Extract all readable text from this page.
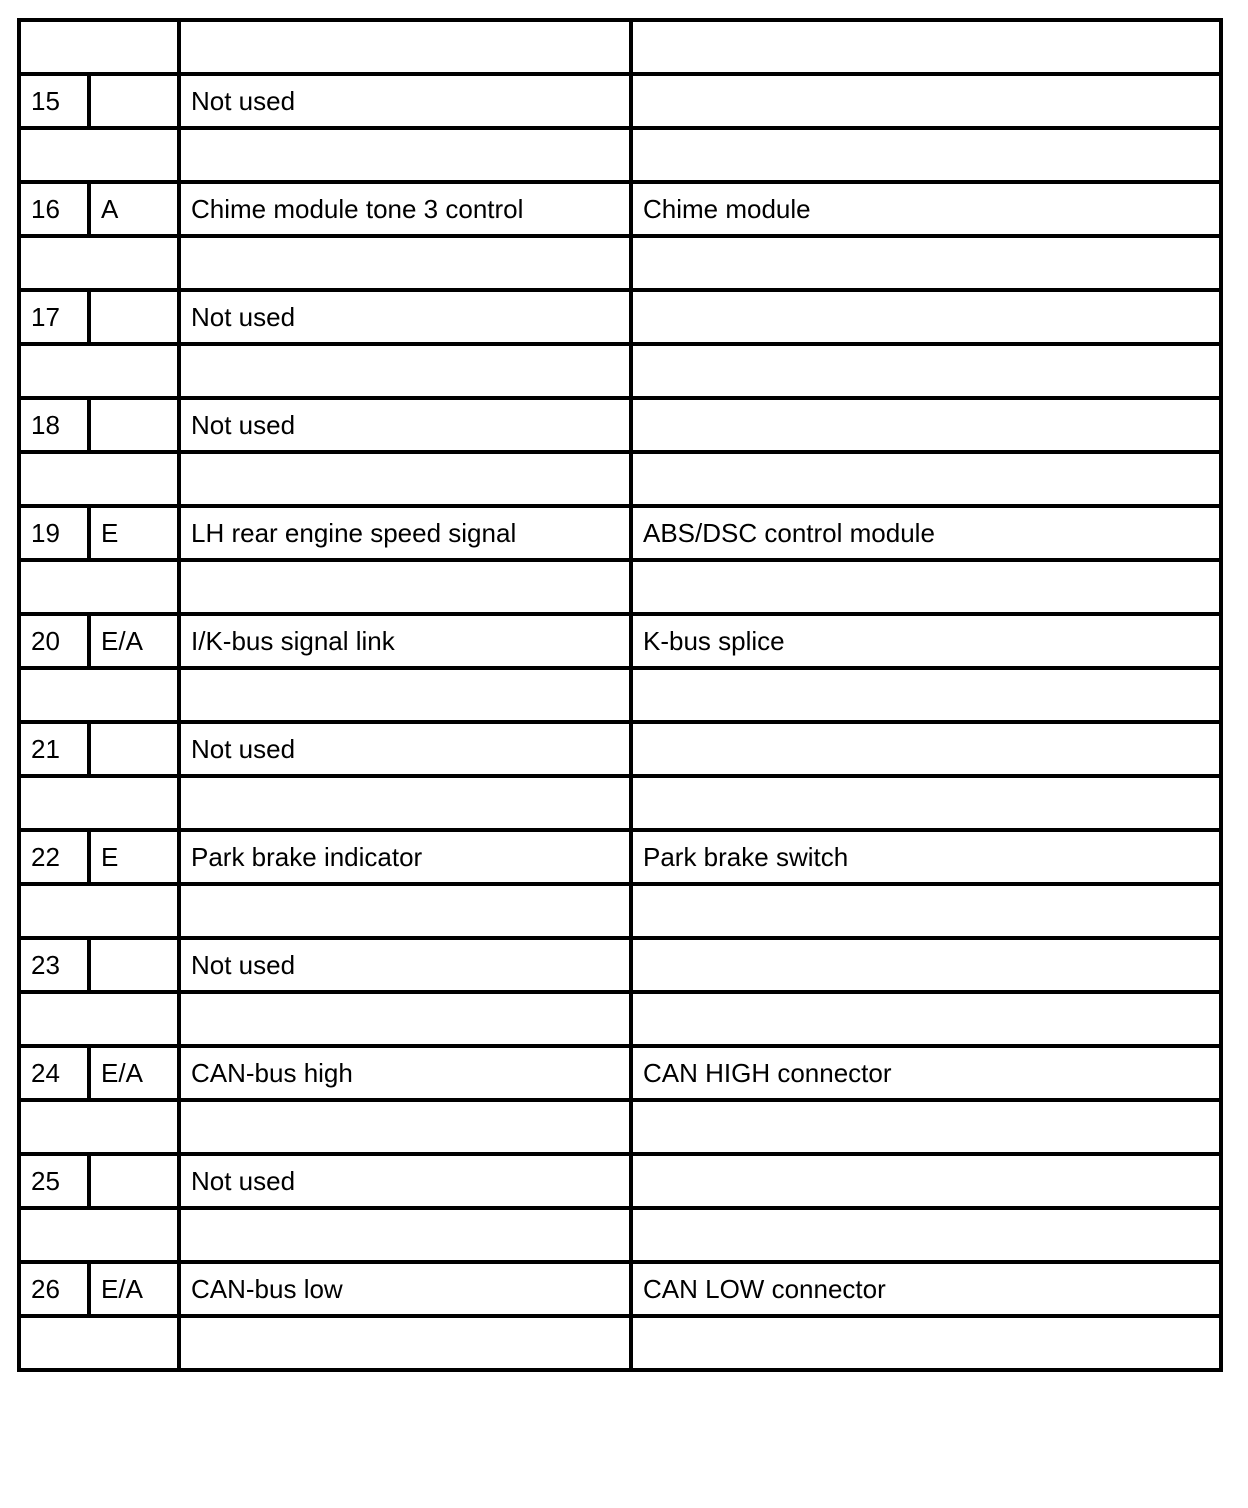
15		Not used	

16	A	Chime module tone 3 control	Chime module

17		Not used	

18		Not used	

19	E	LH rear engine speed signal	ABS/DSC control module

20	E/A	I/K-bus signal link	K-bus splice

21		Not used	

22	E	Park brake indicator	Park brake switch

23		Not used	

24	E/A	CAN-bus high	CAN HIGH connector

25		Not used	

26	E/A	CAN-bus low	CAN LOW connector
